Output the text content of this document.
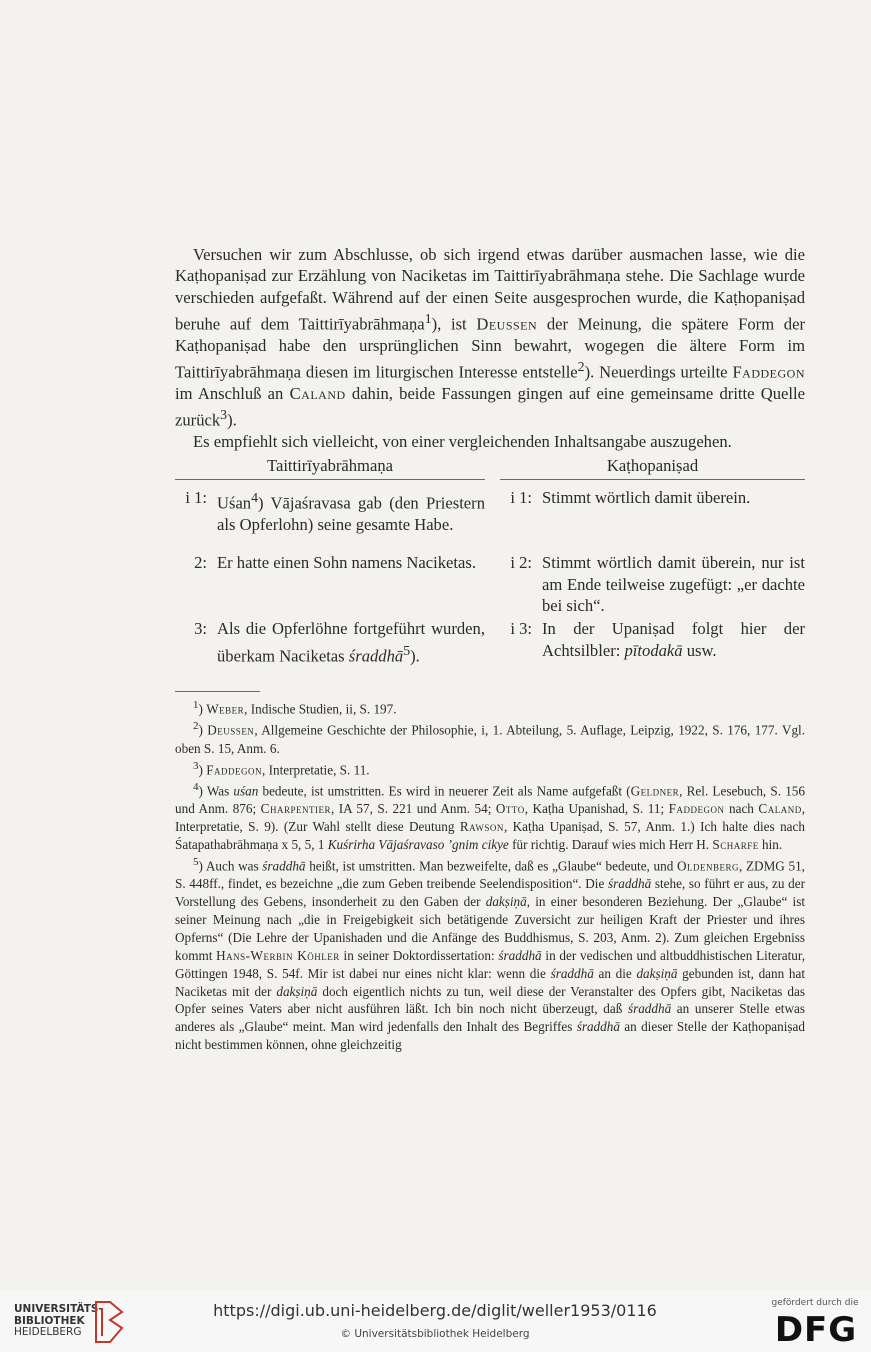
Versuchen wir zum Abschlusse, ob sich irgend etwas darüber ausmachen lasse, wie die Kaṭhopaniṣad zur Erzählung von Naciketas im Taittirīyabrāhmaṇa stehe. Die Sachlage wurde verschieden aufgefaßt. Während auf der einen Seite ausgesprochen wurde, die Kaṭhopaniṣad beruhe auf dem Taittirīyabrāhmaṇa$^1$), ist Deussen der Meinung, die spätere Form der Kaṭhopaniṣad habe den ursprünglichen Sinn bewahrt, wogegen die ältere Form im Taittirīyabrāhmaṇa diesen im liturgischen Interesse entstelle$^2$). Neuerdings urteilte Faddegon im Anschluß an Caland dahin, beide Fassungen gingen auf eine gemeinsame dritte Quelle zurück$^3$).

Es empfiehlt sich vielleicht, von einer vergleichenden Inhaltsangabe auszugehen.

Taittirīyabrāhmaṇa	Kaṭhopaniṣad
i 1: Uśan$^4$) Vājaśravasa gab (den Priestern als Opferlohn) seine gesamte Habe.
2: Er hatte einen Sohn namens Naciketas.
3: Als die Opferlöhne fortgeführt wurden, überkam Naciketas śraddhā$^5$).
i 1: Stimmt wörtlich damit überein.
i 2: Stimmt wörtlich damit überein, nur ist am Ende teilweise zugefügt: „er dachte bei sich“.
i 3: In der Upaniṣad folgt hier der Achtsilbler: pītodakā usw.

$^1$) Weber, Indische Studien, ii, S. 197.

$^2$) Deussen, Allgemeine Geschichte der Philosophie, i, 1. Abteilung, 5. Auflage, Leipzig, 1922, S. 176, 177. Vgl. oben S. 15, Anm. 6.

$^3$) Faddegon, Interpretatie, S. 11.

$^4$) Was uśan bedeute, ist umstritten. Es wird in neuerer Zeit als Name aufgefaßt (Geldner, Rel. Lesebuch, S. 156 und Anm. 876; Charpentier, IA 57, S. 221 und Anm. 54; Otto, Kaṭha Upanishad, S. 11; Faddegon nach Caland, Interpretatie, S. 9). (Zur Wahl stellt diese Deutung Rawson, Kaṭha Upaniṣad, S. 57, Anm. 1.) Ich halte dies nach Śatapathabrāhmaṇa x 5, 5, 1 Kuśrirha Vājaśravaso ’gnim cikye für richtig. Darauf wies mich Herr H. Scharfe hin.

$^5$) Auch was śraddhā heißt, ist umstritten. Man bezweifelte, daß es „Glaube“ bedeute, und Oldenberg, ZDMG 51, S. 448ff., findet, es bezeichne „die zum Geben treibende Seelendisposition“. Die śraddhā stehe, so führt er aus, zu der Vorstellung des Gebens, insonderheit zu den Gaben der dakṣiṇā, in einer besonderen Beziehung. Der „Glaube“ ist seiner Meinung nach „die in Freigebigkeit sich betätigende Zuversicht zur heiligen Kraft der Priester und ihres Opferns“ (Die Lehre der Upanishaden und die Anfänge des Buddhismus, S. 203, Anm. 2). Zum gleichen Ergebniss kommt Hans-Werbin Köhler in seiner Doktordissertation: śraddhā in der vedischen und altbuddhistischen Literatur, Göttingen 1948, S. 54f. Mir ist dabei nur eines nicht klar: wenn die śraddhā an die dakṣiṇā gebunden ist, dann hat Naciketas mit der dakṣiṇā doch eigentlich nichts zu tun, weil diese der Veranstalter des Opfers gibt, Naciketas das Opfer seines Vaters aber nicht ausführen läßt. Ich bin noch nicht überzeugt, daß śraddhā an unserer Stelle etwas anderes als „Glaube“ meint. Man wird jedenfalls den Inhalt des Begriffes śraddhā an dieser Stelle der Kaṭhopaniṣad nicht bestimmen können, ohne gleichzeitig

UNIVERSITÄTS-
BIBLIOTHEK
HEIDELBERG
https://digi.ub.uni-heidelberg.de/diglit/weller1953/0116
© Universitätsbibliothek Heidelberg
gefördert durch die
DFG
